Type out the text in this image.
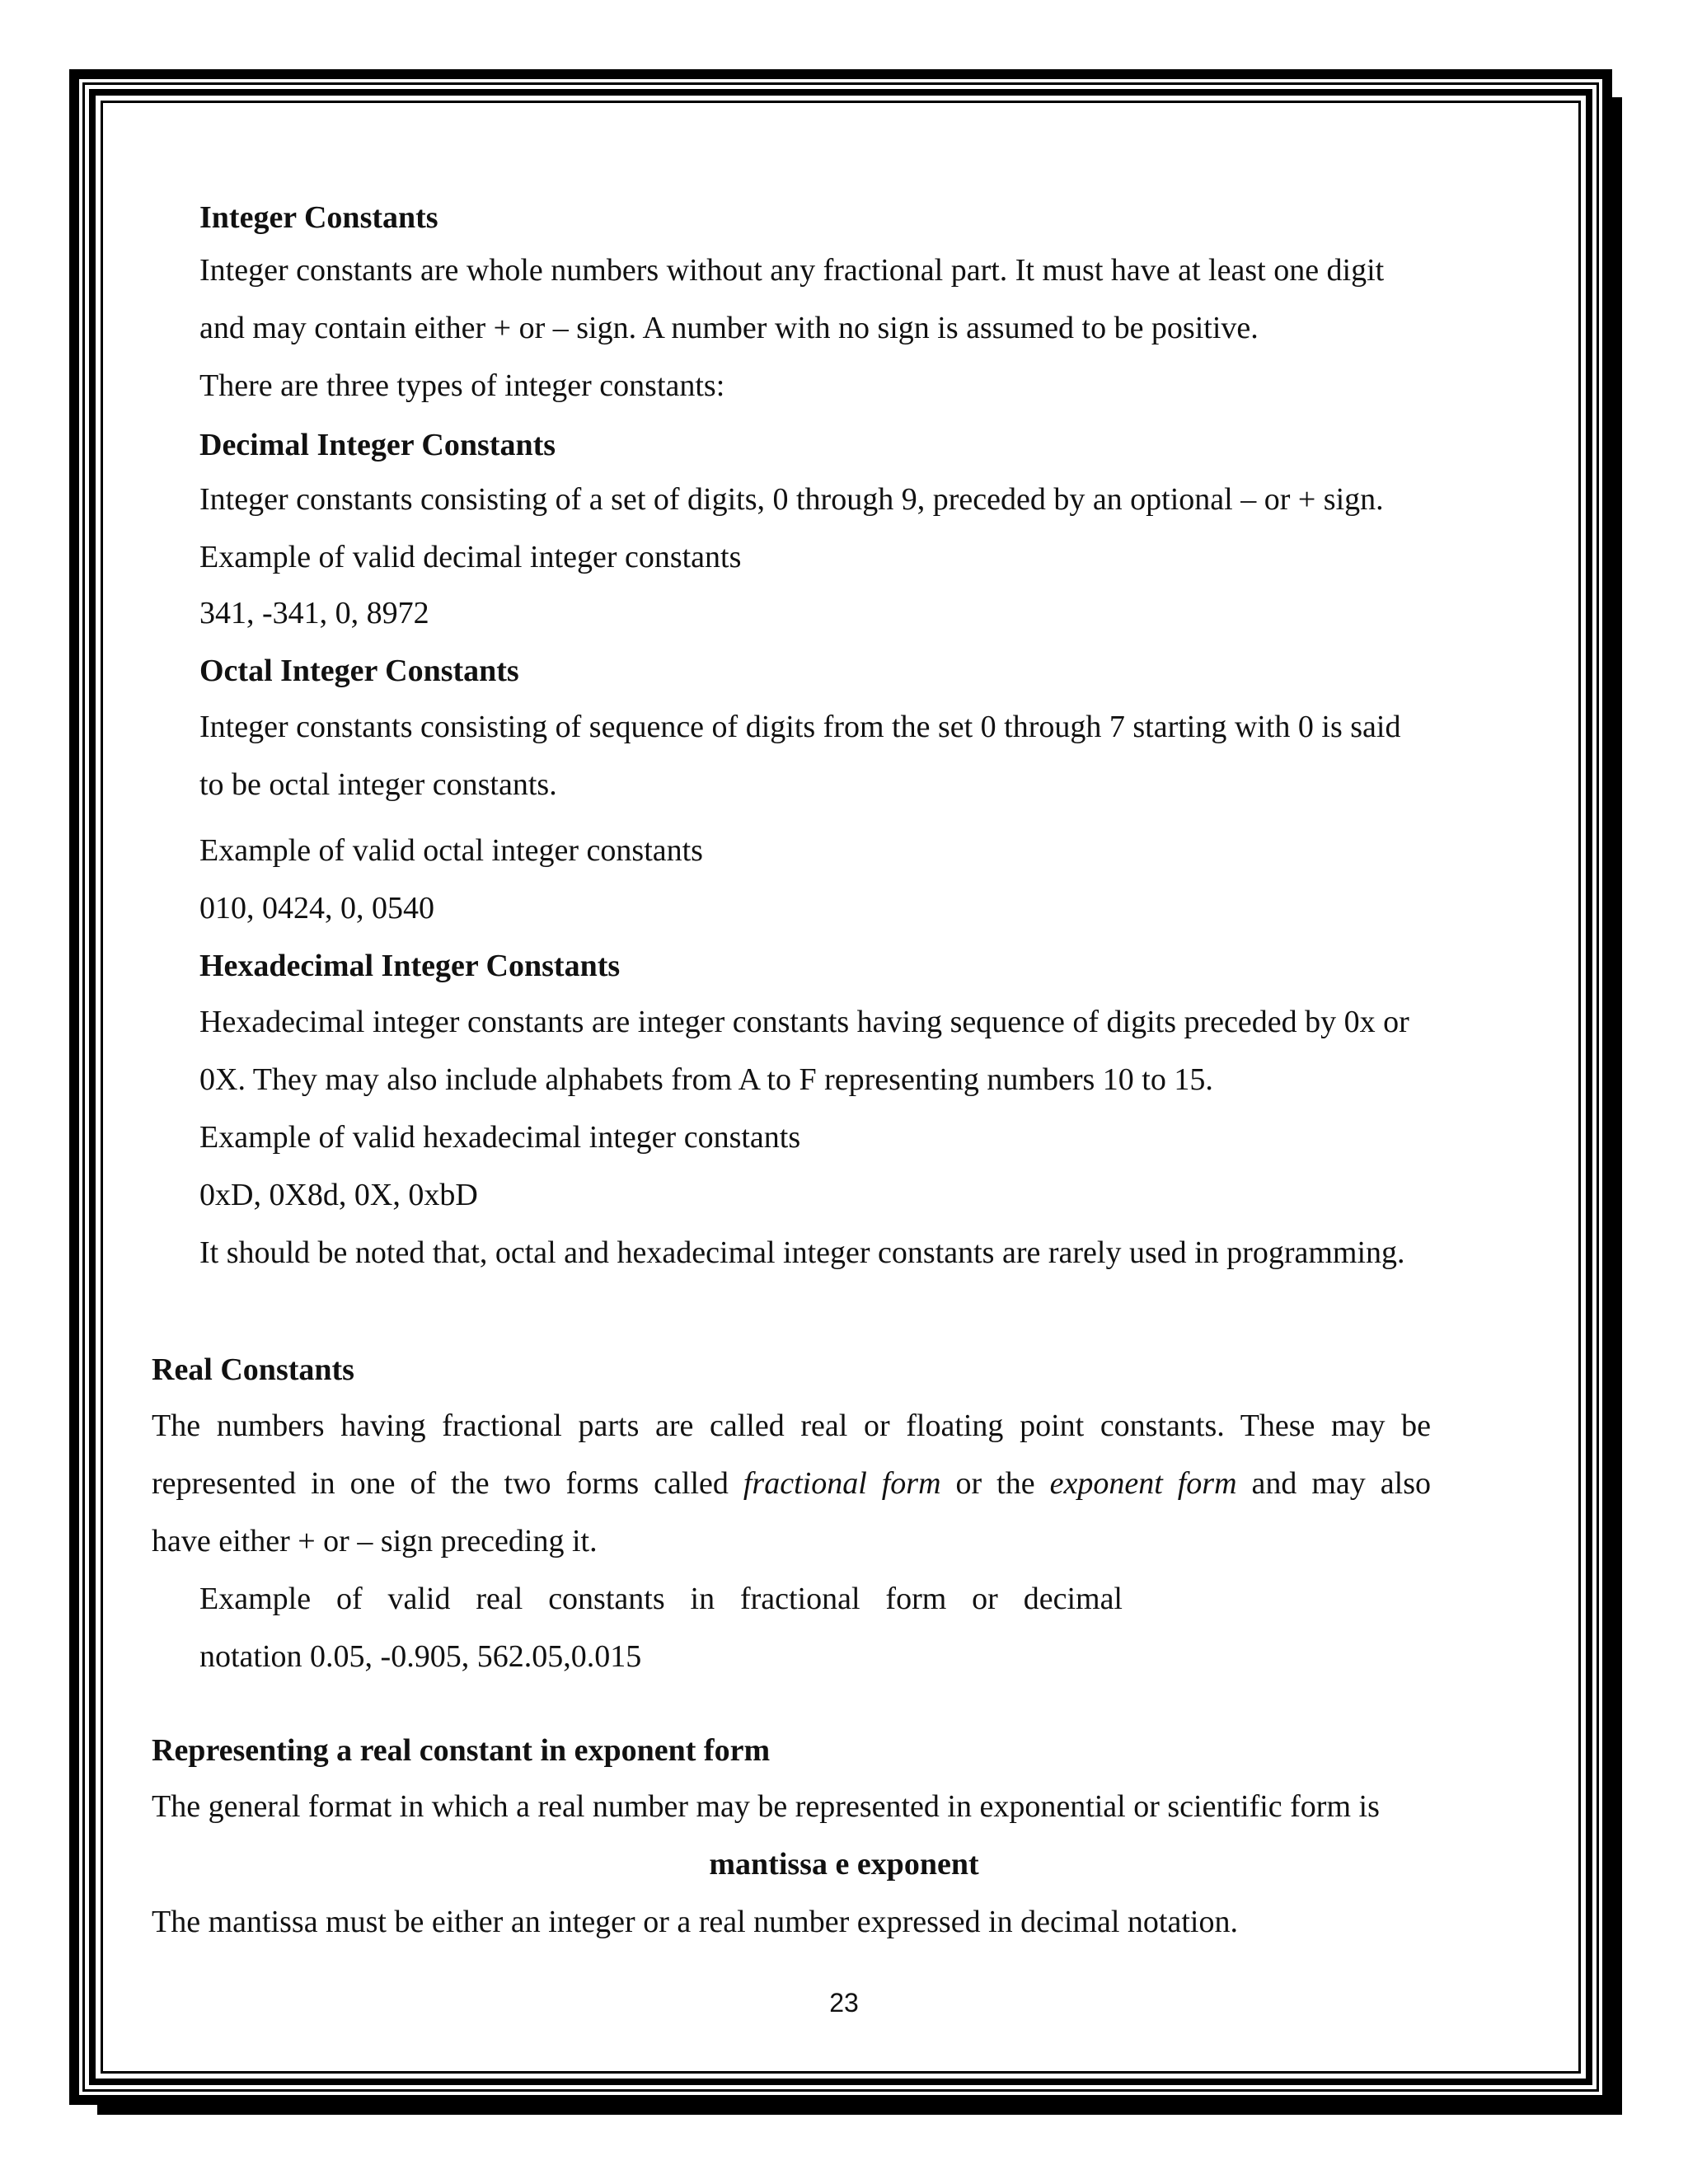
Integer Constants
Integer constants are whole numbers without any fractional part. It must have at least one digit
and may contain either + or – sign. A number with no sign is assumed to be positive.
There are three types of integer constants:
Decimal Integer Constants
Integer constants consisting of a set of digits, 0 through 9, preceded by an optional – or + sign.
Example of valid decimal integer constants
341, -341, 0, 8972
Octal Integer Constants
Integer constants consisting of sequence of digits from the set 0 through 7 starting with 0 is said
to be octal integer constants.
Example of valid octal integer constants
010, 0424, 0, 0540
Hexadecimal Integer Constants
Hexadecimal integer constants are integer constants having sequence of digits preceded by 0x or
0X. They may also include alphabets from A to F representing numbers 10 to 15.
Example of valid hexadecimal integer constants
0xD, 0X8d, 0X, 0xbD
It should be noted that, octal and hexadecimal integer constants are rarely used in programming.
Real Constants
The numbers having fractional parts are called real or floating point constants. These may be
represented in one of the two forms called fractional form or the exponent form and may also
have either + or – sign preceding it.
Example of valid real constants in fractional form or decimal
notation 0.05, -0.905, 562.05,0.015
Representing a real constant in exponent form
The general format in which a real number may be represented in exponential or scientific form is
mantissa e exponent
The mantissa must be either an integer or a real number expressed in decimal notation.
23
